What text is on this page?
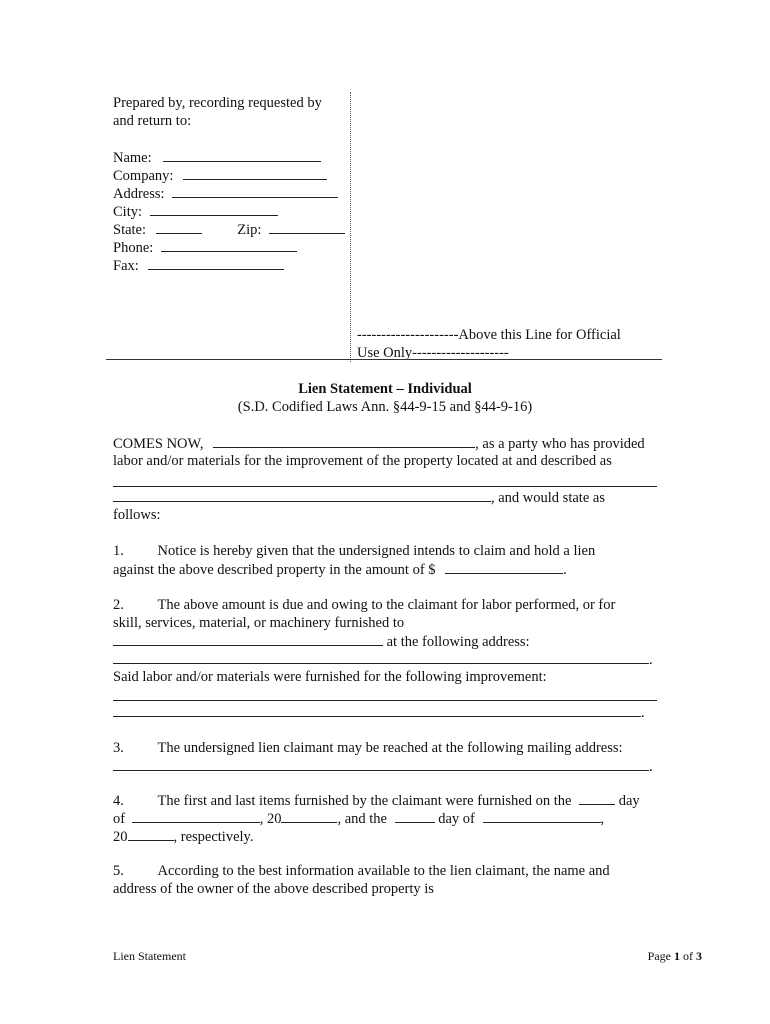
Prepared by, recording requested by
and return to:
Name:
Company:
Address:
City:
State:	Zip:
Phone:
Fax:
---------------------Above this Line for Official
Use Only--------------------
Lien Statement – Individual
(S.D. Codified Laws Ann. §44-9-15 and §44-9-16)
COMES NOW,	, as a party who has provided
labor and/or materials for the improvement of the property located at and described as
, and would state as
follows:
1. Notice is hereby given that the undersigned intends to claim and hold a lien
against the above described property in the amount of $	.
2. The above amount is due and owing to the claimant for labor performed, or for
skill, services, material, or machinery furnished to
at the following address:
.
Said labor and/or materials were furnished for the following improvement:
.
3. The undersigned lien claimant may be reached at the following mailing address:
.
4. The first and last items furnished by the claimant were furnished on the	day
of	, 20	, and the	day of	,
20	, respectively.
5. According to the best information available to the lien claimant, the name and
address of the owner of the above described property is
Lien Statement	Page 1 of 3
